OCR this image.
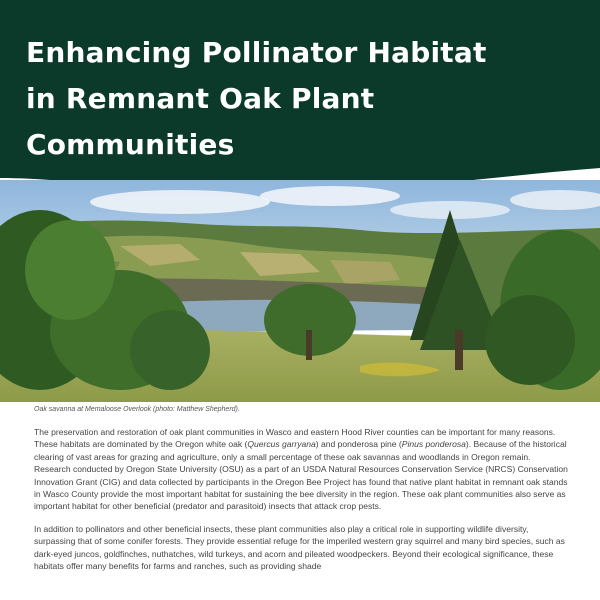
Enhancing Pollinator Habitat
in Remnant Oak Plant
Communities

Oak savanna at Memaloose Overlook (photo: Matthew Shepherd).

The preservation and restoration of oak plant communities in Wasco and eastern Hood River counties can be important for many reasons. These habitats are dominated by the Oregon white oak (Quercus garryana) and ponderosa pine (Pinus ponderosa). Because of the historical clearing of vast areas for grazing and agriculture, only a small percentage of these oak savannas and woodlands in Oregon remain. Research conducted by Oregon State University (OSU) as a part of an USDA Natural Resources Conservation Service (NRCS) Conservation Innovation Grant (CIG) and data collected by participants in the Oregon Bee Project has found that native plant habitat in remnant oak stands in Wasco County provide the most important habitat for sustaining the bee diversity in the region. These oak plant communities also serve as important habitat for other beneficial (predator and parasitoid) insects that attack crop pests.

In addition to pollinators and other beneficial insects, these plant communities also play a critical role in supporting wildlife diversity, surpassing that of some conifer forests. They provide essential refuge for the imperiled western gray squirrel and many bird species, such as dark-eyed juncos, goldfinches, nuthatches, wild turkeys, and acorn and pileated woodpeckers. Beyond their ecological significance, these habitats offer many benefits for farms and ranches, such as providing shade
